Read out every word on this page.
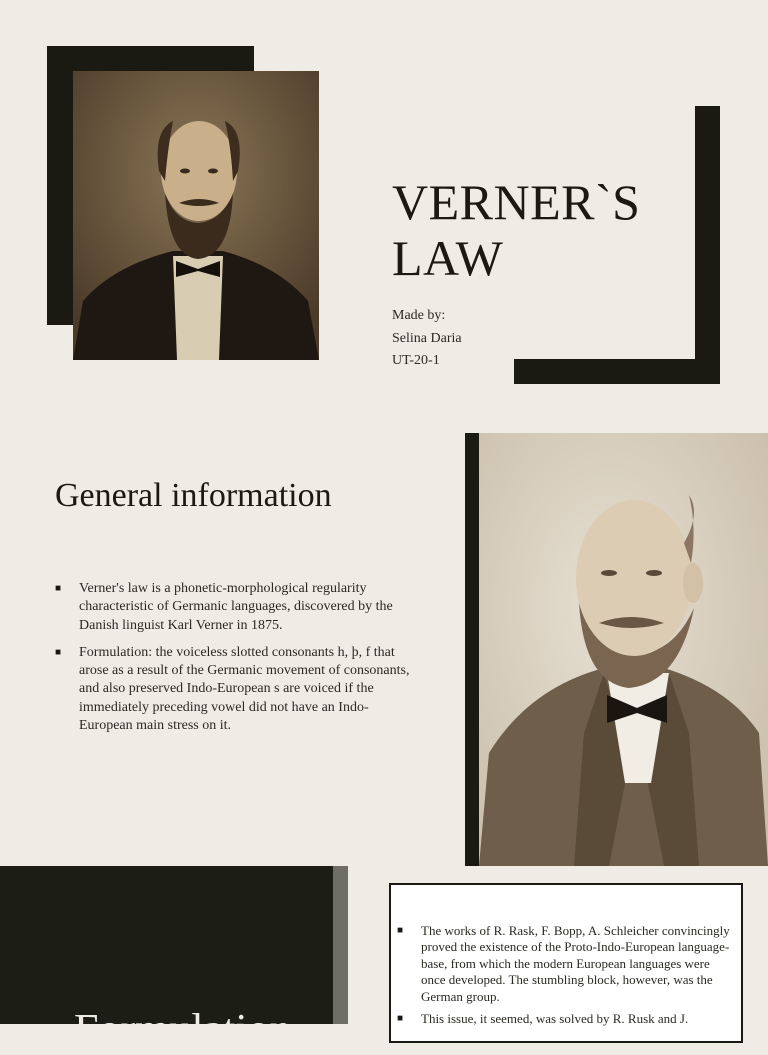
VERNER`S
LAW
Made by:
Selina Daria
UT-20-1
General information
■	Verner's law is a phonetic-morphological regularity characteristic of Germanic languages, discovered by the Danish linguist Karl Verner in 1875.
■	Formulation: the voiceless slotted consonants h, þ, f that arose as a result of the Germanic movement of consonants, and also preserved Indo-European s are voiced if the immediately preceding vowel did not have an Indo-European main stress on it.
Formulation
■	The works of R. Rask, F. Bopp, A. Schleicher convincingly proved the existence of the Proto-Indo-European language-base, from which the modern European languages were once developed. The stumbling block, however, was the German group.
■	This issue, it seemed, was solved by R. Rusk and J.
